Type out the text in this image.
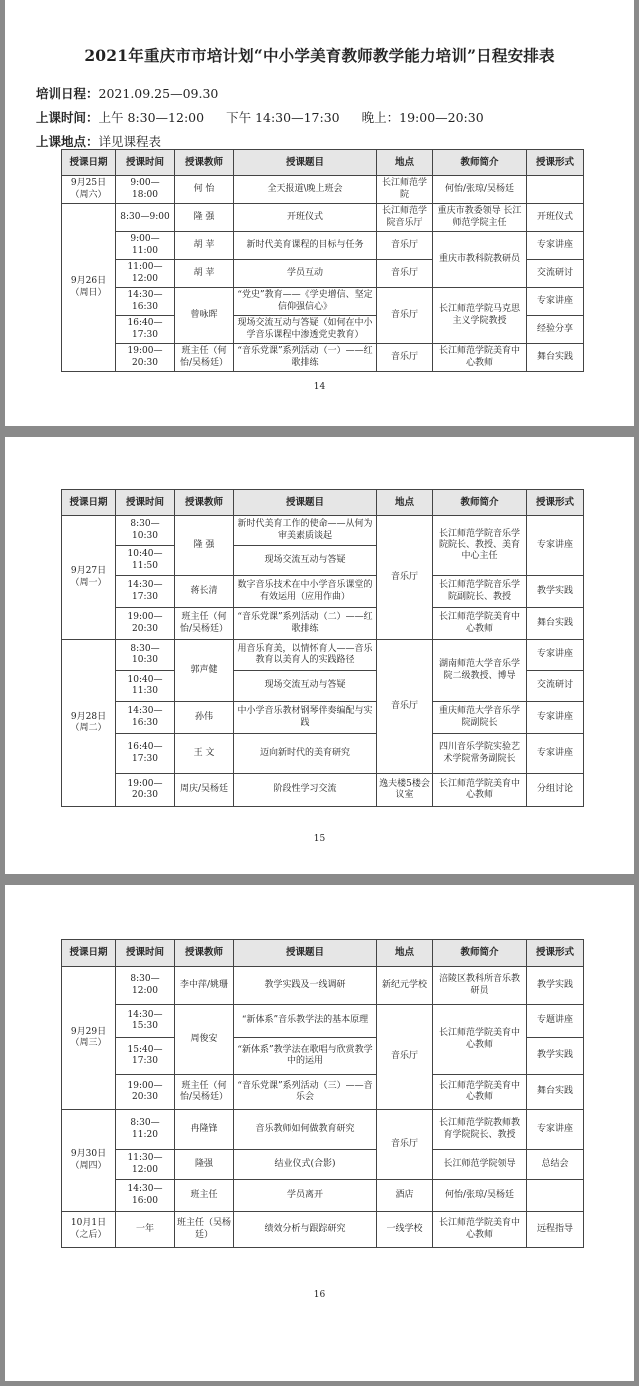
2021年重庆市市培计划“中小学美育教师教学能力培训”日程安排表
培训日程：2021.09.25—09.30
上课时间：上午 8:30—12:00 下午 14:30—17:30 晚上：19:00—20:30
上课地点：详见课程表
授课日期	授课时间	授课教师	授课题目	地点	教师简介	授课形式
9月25日（周六）	9:00—18:00	何 怡	全天报道\晚上班会	长江师范学院	何怡/张琼/吴杨廷	
9月26日（周日）	8:30—9:00	隆 强	开班仪式	长江师范学院音乐厅	重庆市教委领导 长江师范学院主任	开班仪式
	9:00—11:00	胡 苹	新时代美育课程的目标与任务	音乐厅	重庆市教科院教研员	专家讲座
	11:00—12:00	胡 苹	学员互动	音乐厅		交流研讨
	14:30—16:30	曾咏晖	“党史”教育——《学史增信、坚定信仰强信心》	音乐厅	长江师范学院马克思主义学院教授	专家讲座
	16:40—17:30		现场交流互动与答疑（如何在中小学音乐课程中渗透党史教育）			经验分享
	19:00—20:30	班主任（何怡/吴杨廷）	“音乐党课”系列活动（一）——红歌排练	音乐厅	长江师范学院美育中心教师	舞台实践
14
授课日期	授课时间	授课教师	授课题目	地点	教师简介	授课形式
9月27日（周一）	8:30—10:30	隆 强	新时代美育工作的使命——从何为审美素质谈起	音乐厅	长江师范学院音乐学院院长、教授、美育中心主任	专家讲座
	10:40—11:50		现场交流互动与答疑			
	14:30—17:30	蒋长清	数字音乐技术在中小学音乐课堂的有效运用（应用作曲）		长江师范学院音乐学院副院长、教授	教学实践
	19:00—20:30	班主任（何怡/吴杨廷）	“音乐党课”系列活动（二）——红歌排练		长江师范学院美育中心教师	舞台实践
9月28日（周二）	8:30—10:30	郭声健	用音乐育美，以情怀育人——音乐教育以美育人的实践路径	音乐厅	湖南师范大学音乐学院二级教授、博导	专家讲座
	10:40—11:30		现场交流互动与答疑			交流研讨
	14:30—16:30	孙伟	中小学音乐教材钢琴伴奏编配与实践		重庆师范大学音乐学院副院长	专家讲座
	16:40—17:30	王 文	迈向新时代的美育研究		四川音乐学院实验艺术学院常务副院长	专家讲座
	19:00—20:30	周庆/吴杨廷	阶段性学习交流	逸夫楼5楼会议室	长江师范学院美育中心教师	分组讨论
15
授课日期	授课时间	授课教师	授课题目	地点	教师简介	授课形式
9月29日（周三）	8:30—12:00	李中萍/姚珊	教学实践及一线调研	新纪元学校	涪陵区教科所音乐教研员	教学实践
	14:30—15:30	周俊安	“新体系”音乐教学法的基本原理	音乐厅	长江师范学院美育中心教师	专题讲座
	15:40—17:30		“新体系”教学法在歌唱与欣赏教学中的运用			教学实践
	19:00—20:30	班主任（何怡/吴杨廷）	“音乐党课”系列活动（三）——音乐会		长江师范学院美育中心教师	舞台实践
9月30日（周四）	8:30—11:20	冉隆锋	音乐教师如何做教育研究	音乐厅	长江师范学院教师教育学院院长、教授	专家讲座
	11:30—12:00	隆强	结业仪式(合影)		长江师范学院领导	总结会
	14:30—16:00	班主任	学员离开	酒店	何怡/张琼/吴杨廷	
10月1日（之后）	一年	班主任（吴杨廷）	绩效分析与跟踪研究	一线学校	长江师范学院美育中心教师	远程指导
16
